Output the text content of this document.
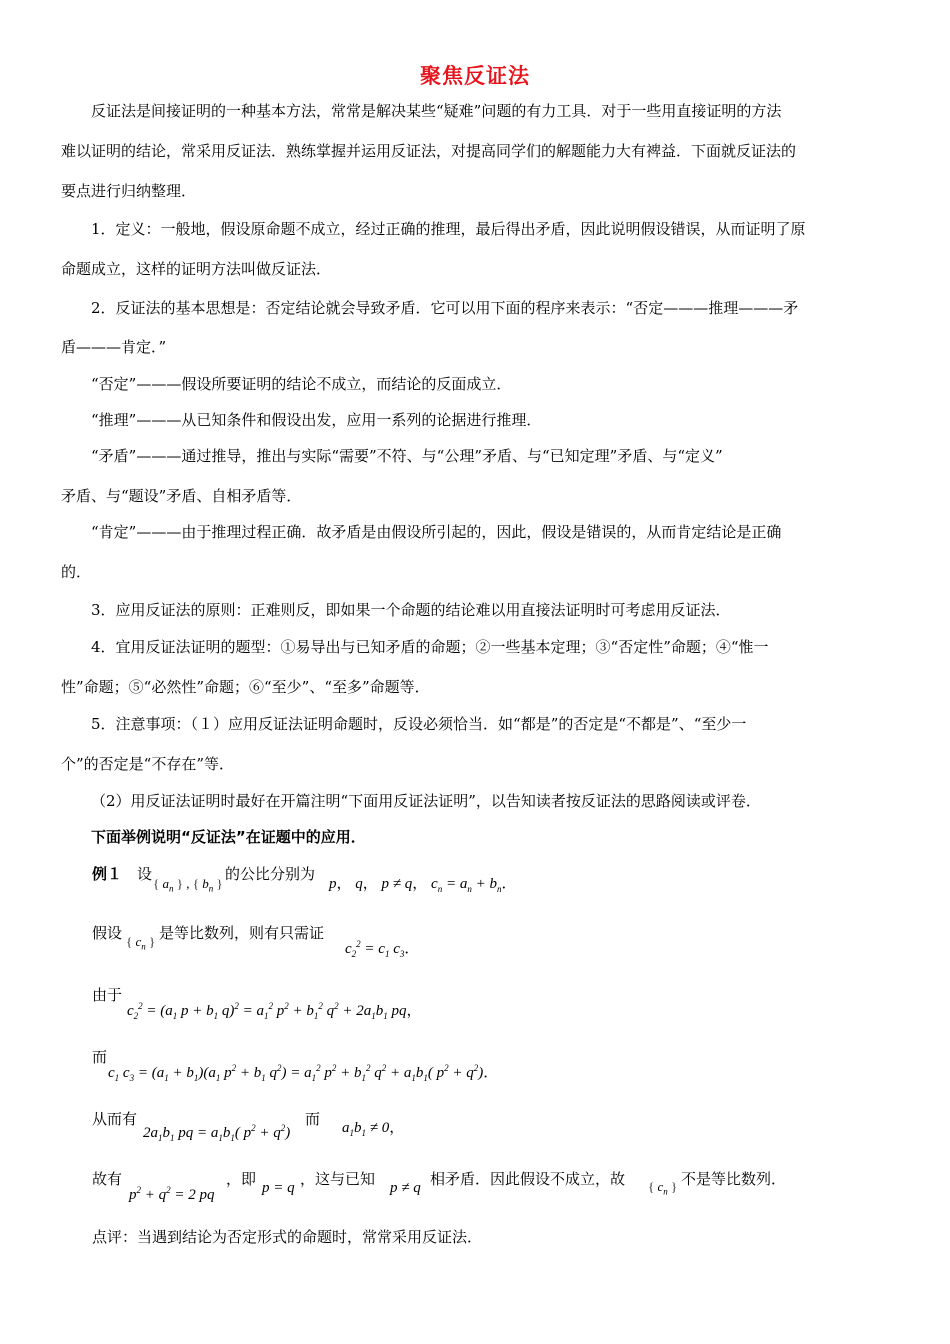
聚焦反证法
反证法是间接证明的一种基本方法，常常是解决某些“疑难”问题的有力工具．对于一些用直接证明的方法
难以证明的结论，常采用反证法．熟练掌握并运用反证法，对提高同学们的解题能力大有裨益．下面就反证法的
要点进行归纳整理．
1．定义：一般地，假设原命题不成立，经过正确的推理，最后得出矛盾，因此说明假设错误，从而证明了原
命题成立，这样的证明方法叫做反证法．
2．反证法的基本思想是：否定结论就会导致矛盾．它可以用下面的程序来表示：“否定———推理———矛
盾———肯定．”
“否定”———假设所要证明的结论不成立，而结论的反面成立．
“推理”———从已知条件和假设出发，应用一系列的论据进行推理．
“矛盾”———通过推导，推出与实际“需要”不符、与“公理”矛盾、与“已知定理”矛盾、与“定义”
矛盾、与“题设”矛盾、自相矛盾等．
“肯定”———由于推理过程正确．故矛盾是由假设所引起的，因此，假设是错误的，从而肯定结论是正确
的．
3．应用反证法的原则：正难则反，即如果一个命题的结论难以用直接法证明时可考虑用反证法．
4．宜用反证法证明的题型：①易导出与已知矛盾的命题；②一些基本定理；③“否定性”命题；④“惟一
性”命题；⑤“必然性”命题；⑥“至少”、“至多”命题等．
5．注意事项：（１）应用反证法证明命题时，反设必须恰当．如“都是”的否定是“不都是”、“至少一
个”的否定是“不存在”等．
（2）用反证法证明时最好在开篇注明“下面用反证法证明”，以告知读者按反证法的思路阅读或评卷．
下面举例说明“反证法”在证题中的应用．
例１ 设
{ $a_n$ } , { $b_n$ }
的公比分别为
p， q， p ≠ q， $c_n = a_n + b_n$．
假设 { $c_n$ } 是等比数列，则有只需证
$c_2^2 = c_1$ $c_3$．
由于
$c_2^2 = (a_1$ $p + b_1$ $q)^2 = a_1^2$ $p^2 + b_1^2$ $q^2 + 2a_1b_1$ pq，
而
$c_1$ $c_3 = (a_1 + b_1)(a_1$ $p^2 + b_1$ $q^2) = a_1^2$ $p^2 + b_1^2$ $q^2 + a_1b_1$( $p^2 + q^2$)．
从而有
$2a_1b_1$ pq = $a_1b_1$( $p^2 + q^2$)
而 $a_1b_1 \ne 0$，
故有
$p^2 + q^2 = 2$ pq
，即 p = q ，这与已知 p ≠ q 相矛盾．因此假设不成立，故 { $c_n$ } 不是等比数列．
点评：当遇到结论为否定形式的命题时，常常采用反证法．
